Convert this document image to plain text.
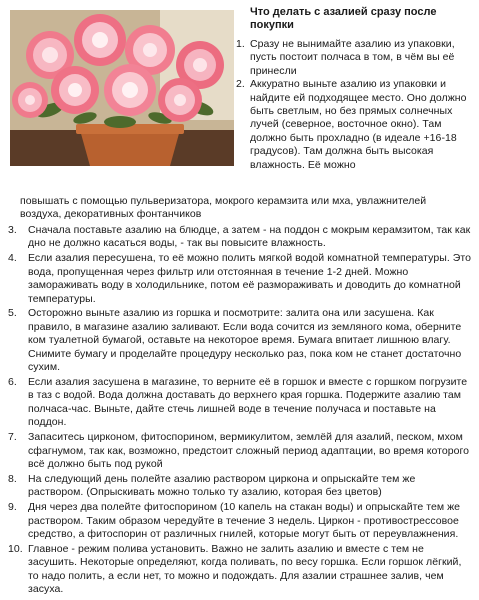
Что делать с азалией сразу после покупки
1. Сразу не вынимайте азалию из упаковки, пусть постоит полчаса в том, в чём вы её принесли
2. Аккуратно выньте азалию из упаковки и найдите ей подходящее место. Оно должно быть светлым, но без прямых солнечных лучей (северное, восточное окно). Там должно быть прохладно (в идеале +16-18 градусов). Там должна быть высокая влажность. Её можно
повышать с помощью пульверизатора, мокрого керамзита или мха, увлажнителей воздуха, декоративных фонтанчиков
3.	Сначала поставьте азалию на блюдце, а затем - на поддон с мокрым керамзитом, так как дно не должно касаться воды, - так вы повысите влажность.
4.	Если азалия пересушена, то её можно полить мягкой водой комнатной температуры. Это вода, пропущенная через фильтр или отстоянная в течение 1-2 дней. Можно замораживать воду в холодильнике, потом её размораживать и доводить до комнатной температуры.
5.	Осторожно выньте азалию из горшка и посмотрите: залита она или засушена. Как правило, в магазине азалию заливают. Если вода сочится из земляного кома, оберните ком туалетной бумагой, оставьте на некоторое время. Бумага впитает лишнюю влагу. Снимите бумагу и проделайте процедуру несколько раз, пока ком не станет достаточно сухим.
6.	Если азалия засушена в магазине, то верните её в горшок и вместе с горшком погрузите в таз с водой. Вода должна доставать до верхнего края горшка. Подержите азалию там полчаса-час. Выньте, дайте стечь лишней воде в течение получаса и поставьте на поддон.
7.	Запаситесь цирконом, фитоспорином, вермикулитом, землёй для азалий, песком, мхом сфагнумом, так как, возможно, предстоит сложный период адаптации, во время которого всё должно быть под рукой
8.	На следующий день полейте азалию раствором циркона и опрыскайте тем же раствором. (Опрыскивать можно только ту азалию, которая без цветов)
9.	Дня через два полейте фитоспорином (10 капель на стакан воды) и опрыскайте тем же раствором. Таким образом чередуйте в течение 3 недель. Циркон - противострессовое средство, а фитоспорин от различных гнилей, которые могут быть от переувлажнения.
10. Главное - режим полива установить. Важно не залить азалию и вместе с тем не засушить. Некоторые определяют, когда поливать, по весу горшка. Если горшок лёгкий, то надо полить, а если нет, то можно и подождать. Для азалии страшнее залив, чем засуха.
